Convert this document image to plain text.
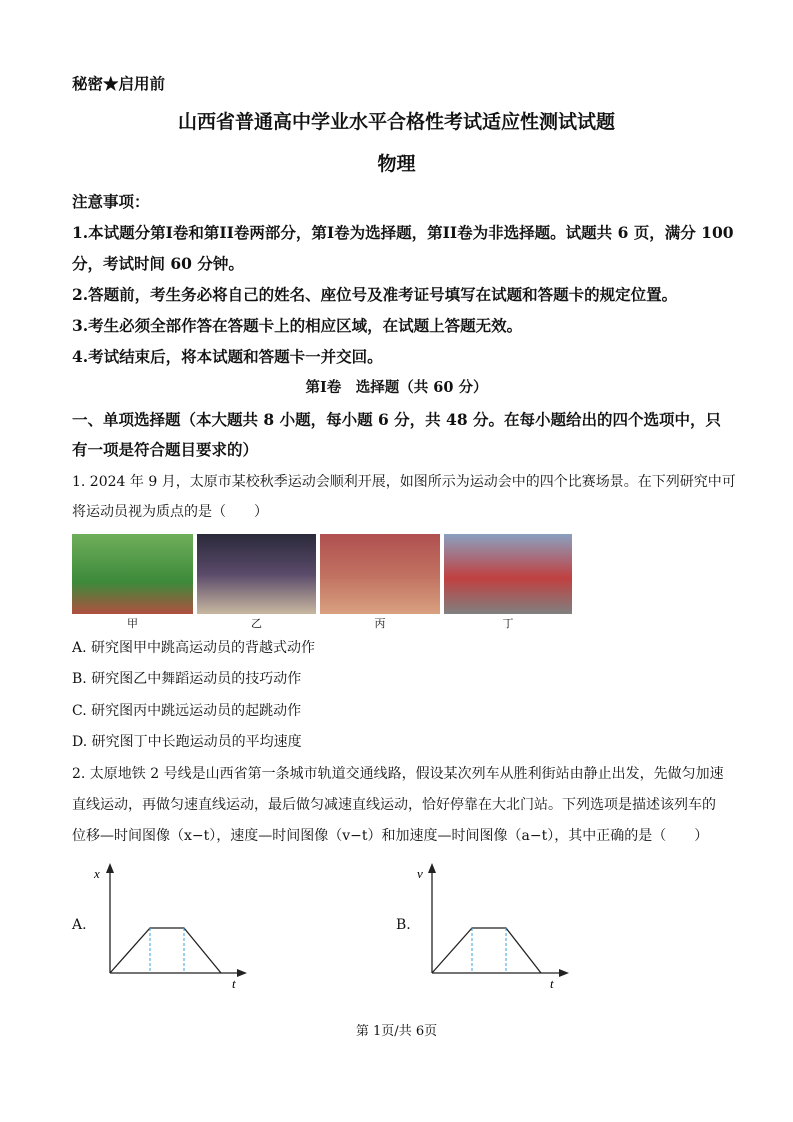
秘密★启用前
山西省普通高中学业水平合格性考试适应性测试试题
物理
注意事项：
1.本试题分第I卷和第II卷两部分，第I卷为选择题，第II卷为非选择题。试题共 6 页，满分 100
分，考试时间 60 分钟。
2.答题前，考生务必将自己的姓名、座位号及准考证号填写在试题和答题卡的规定位置。
3.考生必须全部作答在答题卡上的相应区域，在试题上答题无效。
4.考试结束后，将本试题和答题卡一并交回。
第I卷　选择题（共 60 分）
一、单项选择题（本大题共 8 小题，每小题 6 分，共 48 分。在每小题给出的四个选项中，只
有一项是符合题目要求的）
1. 2024 年 9 月，太原市某校秋季运动会顺利开展，如图所示为运动会中的四个比赛场景。在下列研究中可
将运动员视为质点的是（　　）
甲	乙	丙	丁
A. 研究图甲中跳高运动员的背越式动作
B. 研究图乙中舞蹈运动员的技巧动作
C. 研究图丙中跳远运动员的起跳动作
D. 研究图丁中长跑运动员的平均速度
2. 太原地铁 2 号线是山西省第一条城市轨道交通线路，假设某次列车从胜利街站由静止出发，先做匀加速
直线运动，再做匀速直线运动，最后做匀减速直线运动，恰好停靠在大北门站。下列选项是描述该列车的
位移—时间图像（x−t），速度—时间图像（v−t）和加速度—时间图像（a−t），其中正确的是（　　）
A.
x
t
B.
v
t
第 1页/共 6页
